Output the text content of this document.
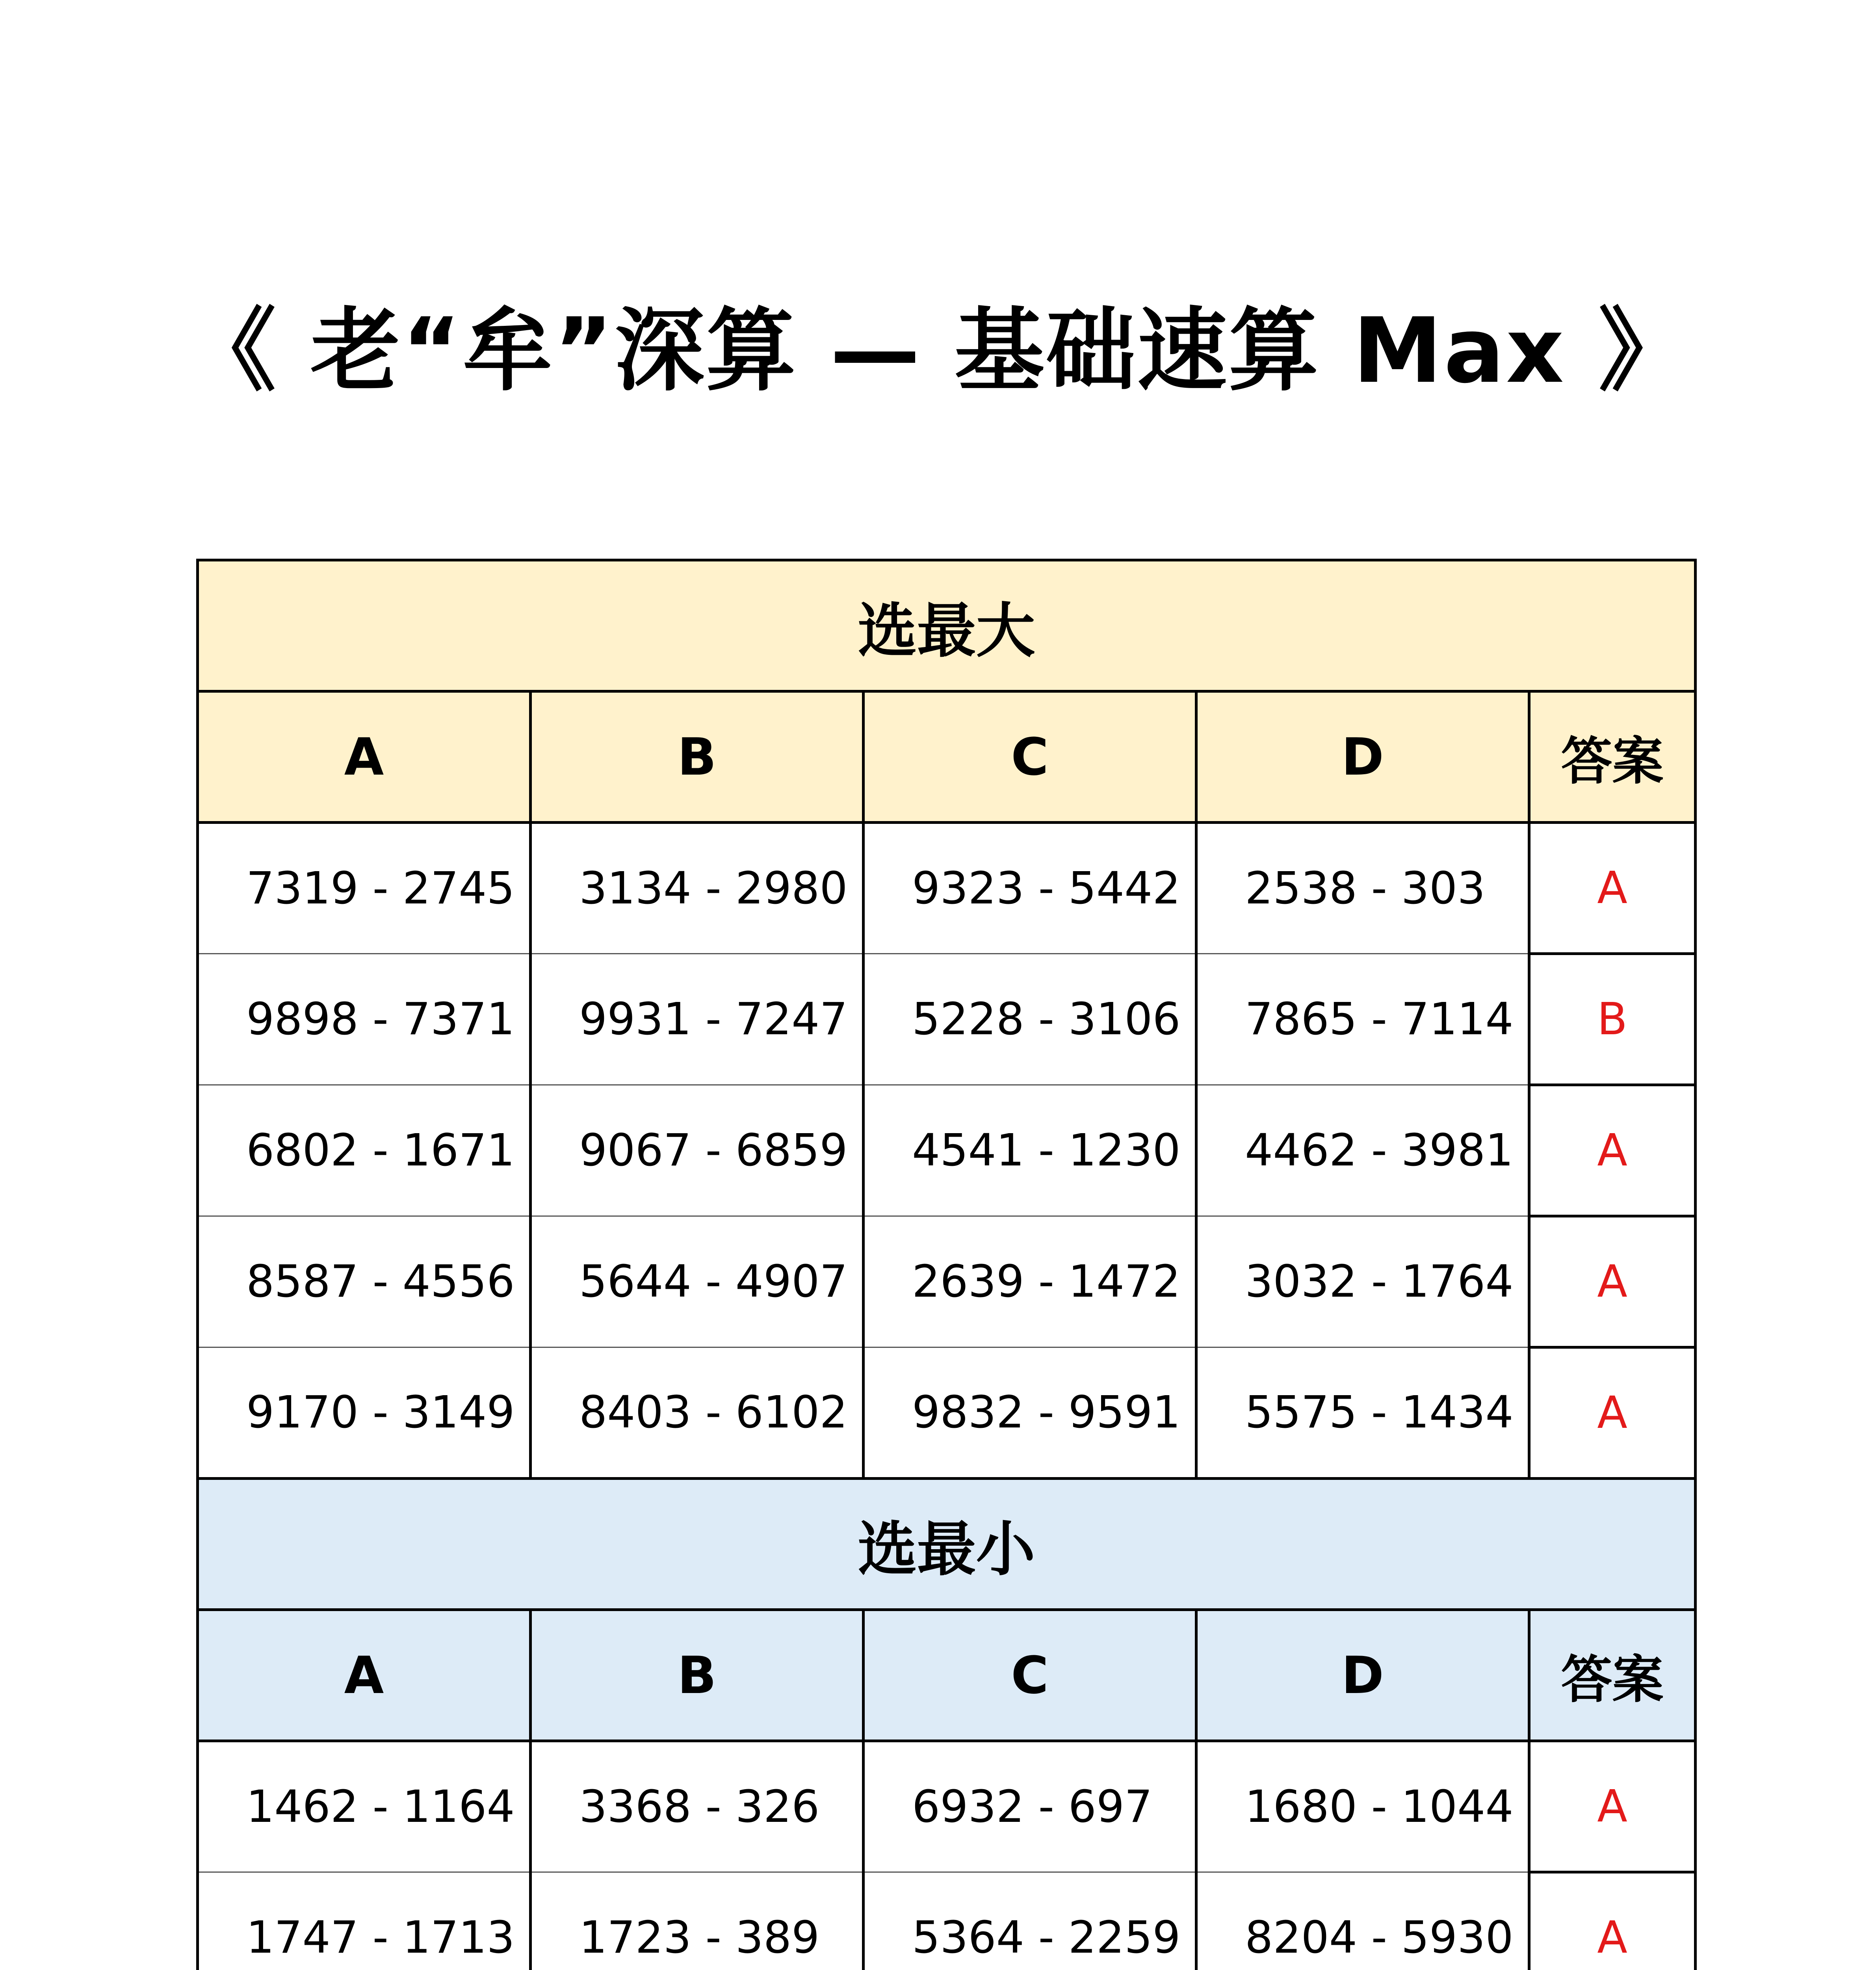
《 老“牟”深算 — 基础速算 Max 》
选最大				
A	B	C	D	答案
7319 - 2745	3134 - 2980	9323 - 5442	2538 - 303	A
9898 - 7371	9931 - 7247	5228 - 3106	7865 - 7114	B
6802 - 1671	9067 - 6859	4541 - 1230	4462 - 3981	A
8587 - 4556	5644 - 4907	2639 - 1472	3032 - 1764	A
9170 - 3149	8403 - 6102	9832 - 9591	5575 - 1434	A
选最小				
A	B	C	D	答案
1462 - 1164	3368 - 326	6932 - 697	1680 - 1044	A
1747 - 1713	1723 - 389	5364 - 2259	8204 - 5930	A
